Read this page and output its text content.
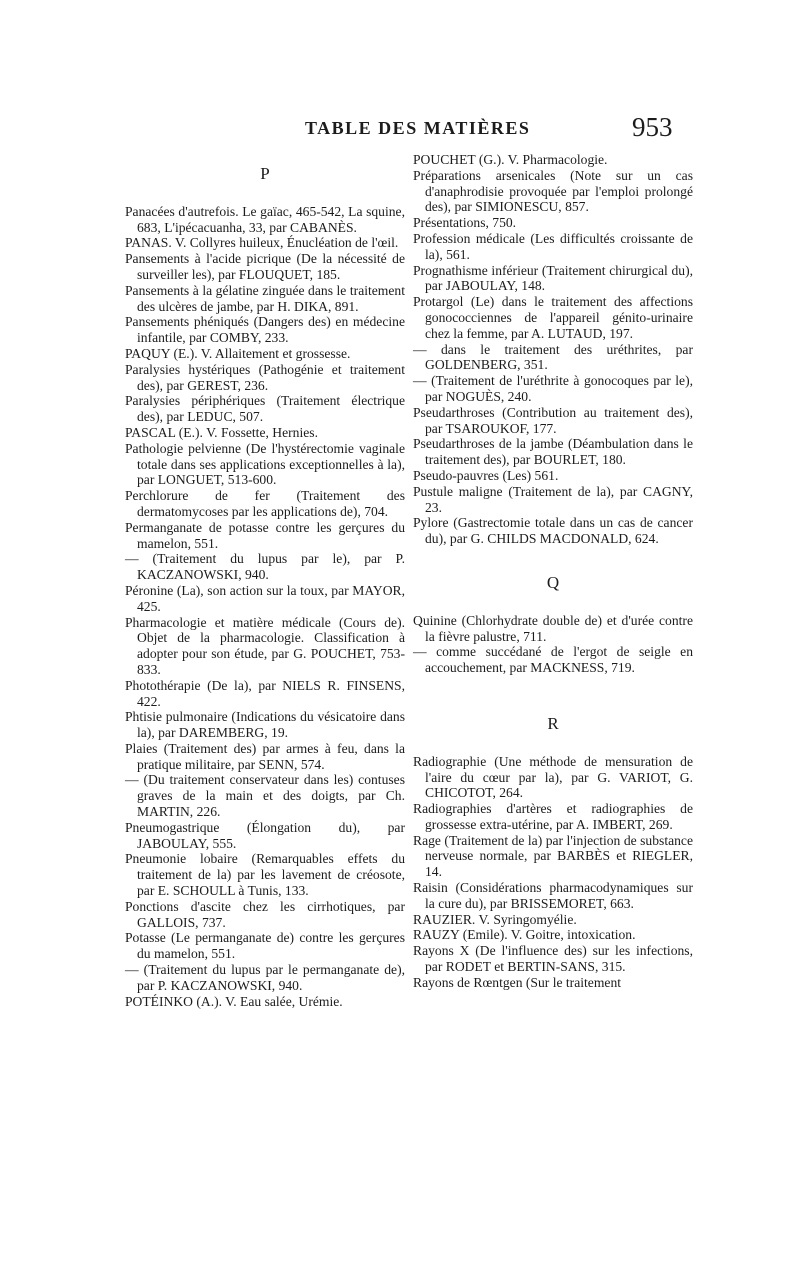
TABLE DES MATIÈRES	953
P

Panacées d'autrefois. Le gaïac, 465-542, La squine, 683, L'ipécacuanha, 33, par CABANÈS.

PANAS. V. Collyres huileux, Énucléation de l'œil.

Pansements à l'acide picrique (De la nécessité de surveiller les), par FLOUQUET, 185.

Pansements à la gélatine zinguée dans le traitement des ulcères de jambe, par H. DIKA, 891.

Pansements phéniqués (Dangers des) en médecine infantile, par COMBY, 233.

PAQUY (E.). V. Allaitement et grossesse.

Paralysies hystériques (Pathogénie et traitement des), par GEREST, 236.

Paralysies périphériques (Traitement électrique des), par LEDUC, 507.

PASCAL (E.). V. Fossette, Hernies.

Pathologie pelvienne (De l'hystérectomie vaginale totale dans ses applications exceptionnelles à la), par LONGUET, 513-600.

Perchlorure de fer (Traitement des dermatomycoses par les applications de), 704.

Permanganate de potasse contre les gerçures du mamelon, 551.

— (Traitement du lupus par le), par P. KACZANOWSKI, 940.

Péronine (La), son action sur la toux, par MAYOR, 425.

Pharmacologie et matière médicale (Cours de). Objet de la pharmacologie. Classification à adopter pour son étude, par G. POUCHET, 753-833.

Photothérapie (De la), par NIELS R. FINSENS, 422.

Phtisie pulmonaire (Indications du vésicatoire dans la), par DAREMBERG, 19.

Plaies (Traitement des) par armes à feu, dans la pratique militaire, par SENN, 574.

— (Du traitement conservateur dans les) contuses graves de la main et des doigts, par Ch. MARTIN, 226.

Pneumogastrique (Élongation du), par JABOULAY, 555.

Pneumonie lobaire (Remarquables effets du traitement de la) par les lavement de créosote, par E. SCHOULL à Tunis, 133.

Ponctions d'ascite chez les cirrhotiques, par GALLOIS, 737.

Potasse (Le permanganate de) contre les gerçures du mamelon, 551.

— (Traitement du lupus par le permanganate de), par P. KACZANOWSKI, 940.

POTÉINKO (A.). V. Eau salée, Urémie.

POUCHET (G.). V. Pharmacologie.

Préparations arsenicales (Note sur un cas d'anaphrodisie provoquée par l'emploi prolongé des), par SIMIONESCU, 857.

Présentations, 750.

Profession médicale (Les difficultés croissante de la), 561.

Prognathisme inférieur (Traitement chirurgical du), par JABOULAY, 148.

Protargol (Le) dans le traitement des affections gonococciennes de l'appareil génito-urinaire chez la femme, par A. LUTAUD, 197.

— dans le traitement des uréthrites, par GOLDENBERG, 351.

— (Traitement de l'uréthrite à gonocoques par le), par NOGUÈS, 240.

Pseudarthroses (Contribution au traitement des), par TSAROUKOF, 177.

Pseudarthroses de la jambe (Déambulation dans le traitement des), par BOURLET, 180.

Pseudo-pauvres (Les) 561.

Pustule maligne (Traitement de la), par CAGNY, 23.

Pylore (Gastrectomie totale dans un cas de cancer du), par G. CHILDS MACDONALD, 624.

Q

Quinine (Chlorhydrate double de) et d'urée contre la fièvre palustre, 711.

— comme succédané de l'ergot de seigle en accouchement, par MACKNESS, 719.

R

Radiographie (Une méthode de mensuration de l'aire du cœur par la), par G. VARIOT, G. CHICOTOT, 264.

Radiographies d'artères et radiographies de grossesse extra-utérine, par A. IMBERT, 269.

Rage (Traitement de la) par l'injection de substance nerveuse normale, par BARBÈS et RIEGLER, 14.

Raisin (Considérations pharmacodynamiques sur la cure du), par BRISSEMORET, 663.

RAUZIER. V. Syringomyélie.

RAUZY (Emile). V. Goitre, intoxication.

Rayons X (De l'influence des) sur les infections, par RODET et BERTIN-SANS, 315.

Rayons de Rœntgen (Sur le traitement
